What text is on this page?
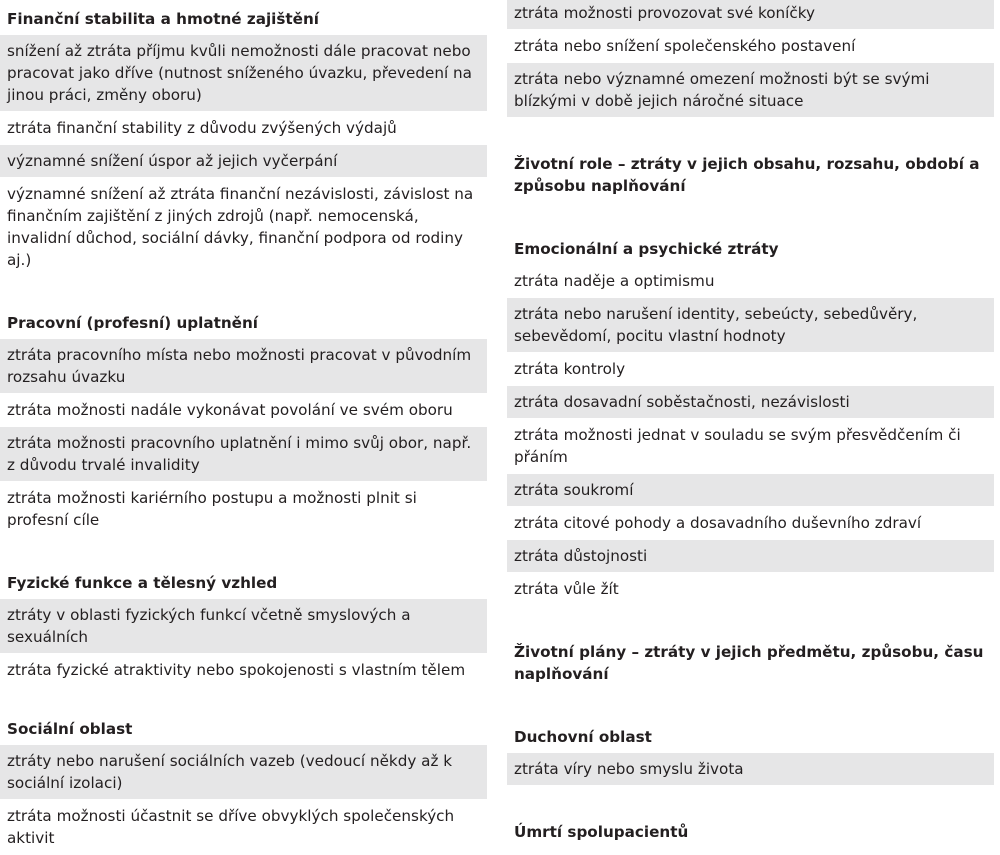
Finanční stabilita a hmotné zajištění
snížení až ztráta příjmu kvůli nemožnosti dále pracovat nebo pracovat jako dříve (nutnost sníženého úvazku, převedení na jinou práci, změny oboru)
ztráta finanční stability z důvodu zvýšených výdajů
významné snížení úspor až jejich vyčerpání
významné snížení až ztráta finanční nezávislosti, závislost na finančním zajištění z jiných zdrojů (např. nemocenská, invalidní důchod, sociální dávky, finanční podpora od rodiny aj.)
Pracovní (profesní) uplatnění
ztráta pracovního místa nebo možnosti pracovat v původním rozsahu úvazku
ztráta možnosti nadále vykonávat povolání ve svém oboru
ztráta možnosti pracovního uplatnění i mimo svůj obor, např. z důvodu trvalé invalidity
ztráta možnosti kariérního postupu a možnosti plnit si profesní cíle
Fyzické funkce a tělesný vzhled
ztráty v oblasti fyzických funkcí včetně smyslových a sexuálních
ztráta fyzické atraktivity nebo spokojenosti s vlastním tělem
Sociální oblast
ztráty nebo narušení sociálních vazeb (vedoucí někdy až k sociální izolaci)
ztráta možnosti účastnit se dříve obvyklých společenských aktivit
ztráta možnosti provozovat své koníčky
ztráta nebo snížení společenského postavení
ztráta nebo významné omezení možnosti být se svými blízkými v době jejich náročné situace
Životní role – ztráty v jejich obsahu, rozsahu, období a způsobu naplňování
Emocionální a psychické ztráty
ztráta naděje a optimismu
ztráta nebo narušení identity, sebeúcty, sebedůvěry, sebevědomí, pocitu vlastní hodnoty
ztráta kontroly
ztráta dosavadní soběstačnosti, nezávislosti
ztráta možnosti jednat v souladu se svým přesvědčením či přáním
ztráta soukromí
ztráta citové pohody a dosavadního duševního zdraví
ztráta důstojnosti
ztráta vůle žít
Životní plány – ztráty v jejich předmětu, způsobu, času naplňování
Duchovní oblast
ztráta víry nebo smyslu života
Úmrtí spolupacientů
